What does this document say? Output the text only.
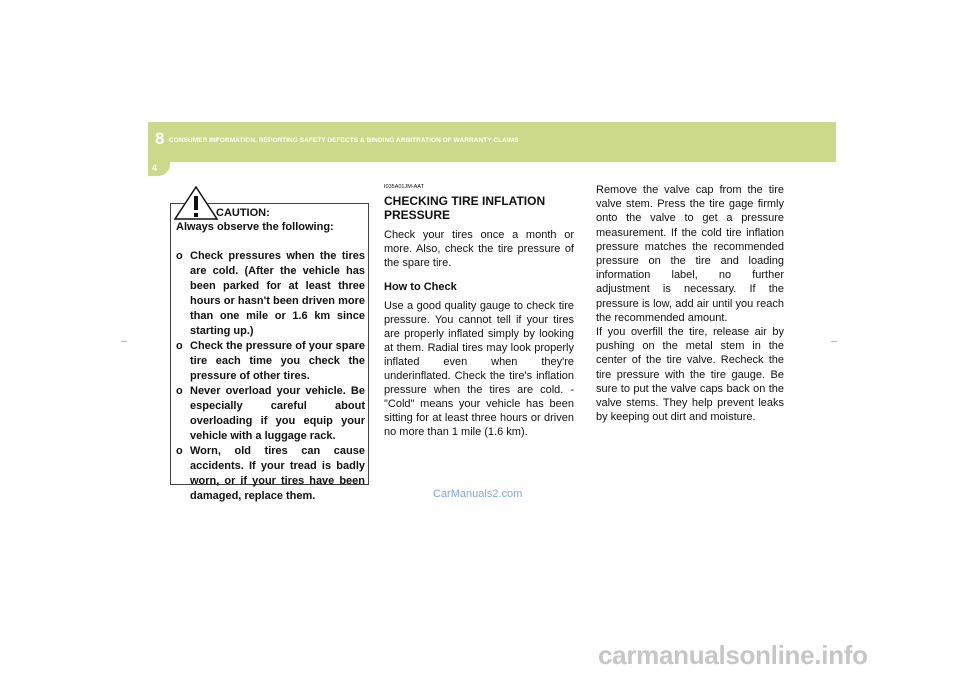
8 CONSUMER INFORMATION, REPORTING SAFETY DEFECTS & BINDING ARBITRATION OF WARRANTY CLAIMS
4
CAUTION:
Always observe the following:
o Check pressures when the tires are cold. (After the vehicle has been parked for at least three hours or hasn't been driven more than one mile or 1.6 km since starting up.)
o Check the pressure of your spare tire each time you check the pressure of other tires.
o Never overload your vehicle. Be especially careful about overloading if you equip your vehicle with a luggage rack.
o Worn, old tires can cause accidents. If your tread is badly worn, or if your tires have been damaged, replace them.

I035A01JM-AAT

CHECKING TIRE INFLATION PRESSURE

Check your tires once a month or more. Also, check the tire pressure of the spare tire.

How to Check

Use a good quality gauge to check tire pressure. You cannot tell if your tires are properly inflated simply by looking at them. Radial tires may look properly inflated even when they're underinflated. Check the tire's inflation pressure when the tires are cold. - "Cold" means your vehicle has been sitting for at least three hours or driven no more than 1 mile (1.6 km).

Remove the valve cap from the tire valve stem. Press the tire gage firmly onto the valve to get a pressure measurement. If the cold tire inflation pressure matches the recommended pressure on the tire and loading information label, no further adjustment is necessary. If the pressure is low, add air until you reach the recommended amount.

If you overfill the tire, release air by pushing on the metal stem in the center of the tire valve. Recheck the tire pressure with the tire gauge. Be sure to put the valve caps back on the valve stems. They help prevent leaks by keeping out dirt and moisture.

CarManuals2.com
carmanualsonline.info
